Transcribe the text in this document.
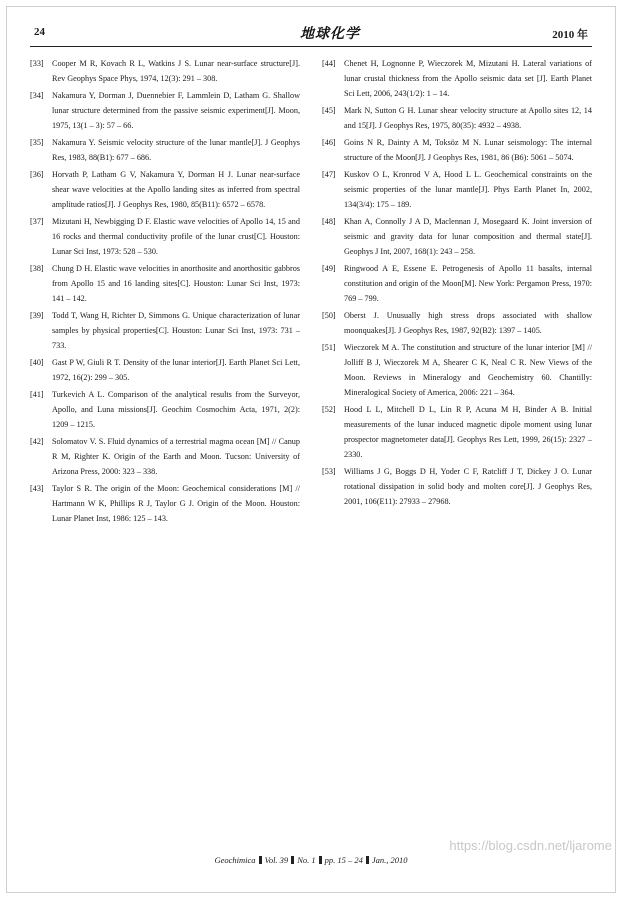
24	地球化学	2010 年
[33]	Cooper M R, Kovach R L, Watkins J S. Lunar near-surface structure[J]. Rev Geophys Space Phys, 1974, 12(3): 291 – 308.
[34]	Nakamura Y, Dorman J, Duennebier F, Lammlein D, Latham G. Shallow lunar structure determined from the passive seismic experiment[J]. Moon, 1975, 13(1 – 3): 57 – 66.
[35]	Nakamura Y. Seismic velocity structure of the lunar mantle[J]. J Geophys Res, 1983, 88(B1): 677 – 686.
[36]	Horvath P, Latham G V, Nakamura Y, Dorman H J. Lunar near-surface shear wave velocities at the Apollo landing sites as inferred from spectral amplitude ratios[J]. J Geophys Res, 1980, 85(B11): 6572 – 6578.
[37]	Mizutani H, Newbigging D F. Elastic wave velocities of Apollo 14, 15 and 16 rocks and thermal conductivity profile of the lunar crust[C]. Houston: Lunar Sci Inst, 1973: 528 – 530.
[38]	Chung D H. Elastic wave velocities in anorthosite and anorthositic gabbros from Apollo 15 and 16 landing sites[C]. Houston: Lunar Sci Inst, 1973: 141 – 142.
[39]	Todd T, Wang H, Richter D, Simmons G. Unique characterization of lunar samples by physical properties[C]. Houston: Lunar Sci Inst, 1973: 731 – 733.
[40]	Gast P W, Giuli R T. Density of the lunar interior[J]. Earth Planet Sci Lett, 1972, 16(2): 299 – 305.
[41]	Turkevich A L. Comparison of the analytical results from the Surveyor, Apollo, and Luna missions[J]. Geochim Cosmochim Acta, 1971, 2(2): 1209 – 1215.
[42]	Solomatov V. S. Fluid dynamics of a terrestrial magma ocean [M] // Canup R M, Righter K. Origin of the Earth and Moon. Tucson: University of Arizona Press, 2000: 323 – 338.
[43]	Taylor S R. The origin of the Moon: Geochemical considerations [M] // Hartmann W K, Phillips R J, Taylor G J. Origin of the Moon. Houston: Lunar Planet Inst, 1986: 125 – 143.
[44]	Chenet H, Lognonne P, Wieczorek M, Mizutani H. Lateral variations of lunar crustal thickness from the Apollo seismic data set [J]. Earth Planet Sci Lett, 2006, 243(1/2): 1 – 14.
[45]	Mark N, Sutton G H. Lunar shear velocity structure at Apollo sites 12, 14 and 15[J]. J Geophys Res, 1975, 80(35): 4932 – 4938.
[46]	Goins N R, Dainty A M, Toksöz M N. Lunar seismology: The internal structure of the Moon[J]. J Geophys Res, 1981, 86 (B6): 5061 – 5074.
[47]	Kuskov O L, Kronrod V A, Hood L L. Geochemical constraints on the seismic properties of the lunar mantle[J]. Phys Earth Planet In, 2002, 134(3/4): 175 – 189.
[48]	Khan A, Connolly J A D, Maclennan J, Mosegaard K. Joint inversion of seismic and gravity data for lunar composition and thermal state[J]. Geophys J Int, 2007, 168(1): 243 – 258.
[49]	Ringwood A E, Essene E. Petrogenesis of Apollo 11 basalts, internal constitution and origin of the Moon[M]. New York: Pergamon Press, 1970: 769 – 799.
[50]	Oberst J. Unusually high stress drops associated with shallow moonquakes[J]. J Geophys Res, 1987, 92(B2): 1397 – 1405.
[51]	Wieczorek M A. The constitution and structure of the lunar interior [M] // Jolliff B J, Wieczorek M A, Shearer C K, Neal C R. New Views of the Moon. Reviews in Mineralogy and Geochemistry 60. Chantilly: Mineralogical Society of America, 2006: 221 – 364.
[52]	Hood L L, Mitchell D L, Lin R P, Acuna M H, Binder A B. Initial measurements of the lunar induced magnetic dipole moment using lunar prospector magnetometer data[J]. Geophys Res Lett, 1999, 26(15): 2327 – 2330.
[53]	Williams J G, Boggs D H, Yoder C F, Ratcliff J T, Dickey J O. Lunar rotational dissipation in solid body and molten core[J]. J Geophys Res, 2001, 106(E11): 27933 – 27968.
Geochimica Vol. 39 No. 1 pp. 15 – 24 Jan., 2010
https://blog.csdn.net/ljarome
